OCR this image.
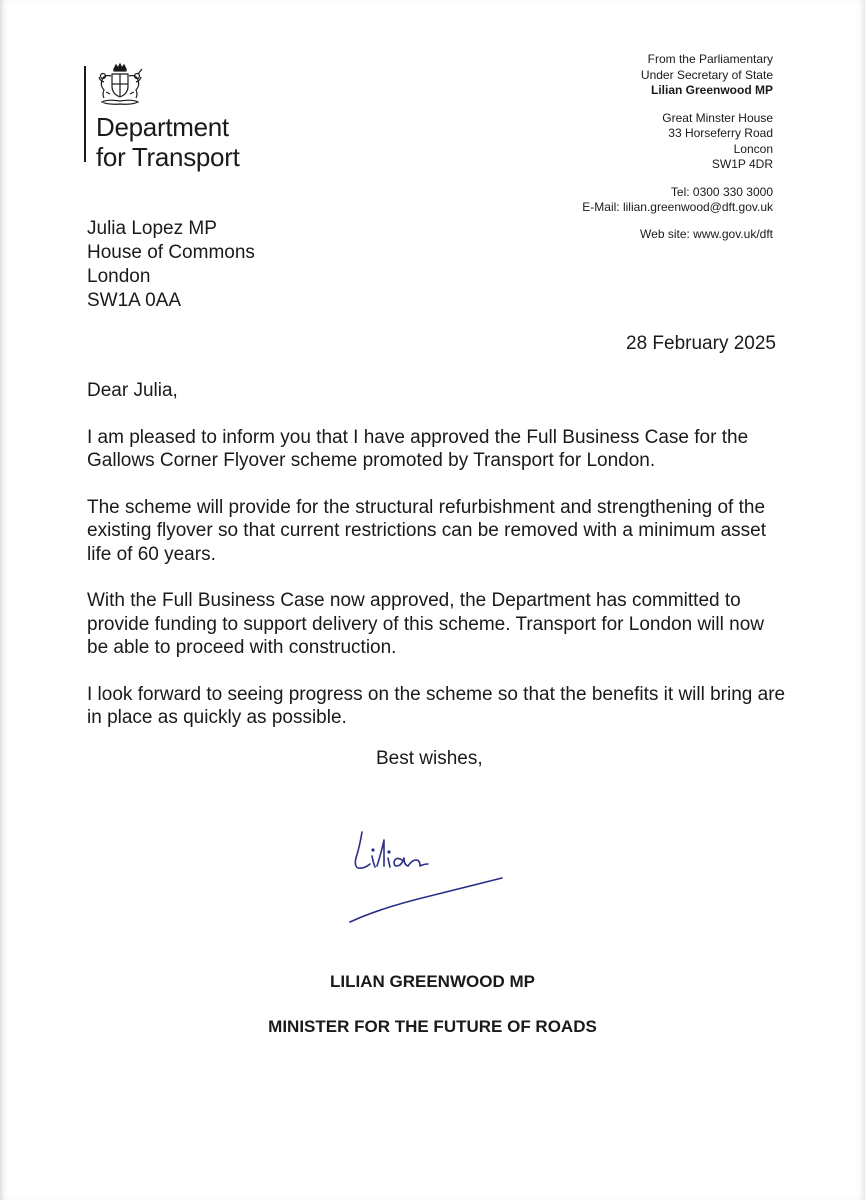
Department
for Transport
From the Parliamentary
Under Secretary of State
Lilian Greenwood MP
Great Minster House
33 Horseferry Road
Loncon
SW1P 4DR
Tel: 0300 330 3000
E-Mail: lilian.greenwood@dft.gov.uk
Web site: www.gov.uk/dft
Julia Lopez MP
House of Commons
London
SW1A 0AA
28 February 2025

Dear Julia,

I am pleased to inform you that I have approved the Full Business Case for the Gallows Corner Flyover scheme promoted by Transport for London.

The scheme will provide for the structural refurbishment and strengthening of the existing flyover so that current restrictions can be removed with a minimum asset life of 60 years.

With the Full Business Case now approved, the Department has committed to provide funding to support delivery of this scheme. Transport for London will now be able to proceed with construction.

I look forward to seeing progress on the scheme so that the benefits it will bring are in place as quickly as possible.

Best wishes,
LILIAN GREENWOOD MP
MINISTER FOR THE FUTURE OF ROADS
